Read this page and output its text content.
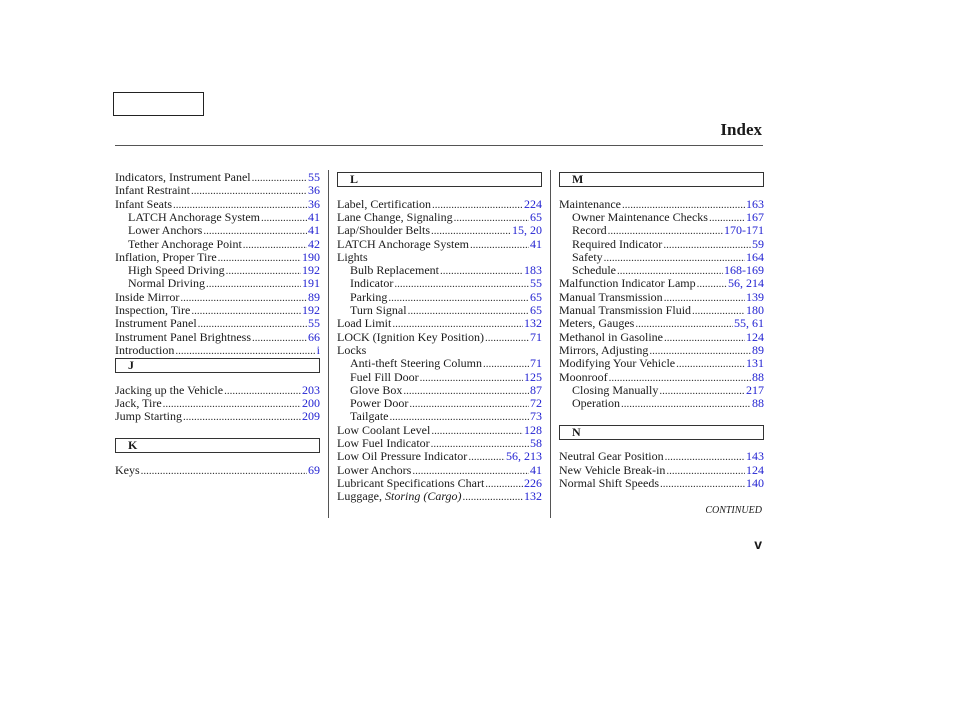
Index
Indicators, Instrument Panel .....	55
Infant Restraint .....	36
Infant Seats .....	36
LATCH Anchorage System .....	41
Lower Anchors .....	41
Tether Anchorage Point .....	42
Inflation, Proper Tire .....	190
High Speed Driving .....	192
Normal Driving .....	191
Inside Mirror .....	89
Inspection, Tire .....	192
Instrument Panel .....	55
Instrument Panel Brightness .....	66
Introduction .....	i
J
Jacking up the Vehicle .....	203
Jack, Tire .....	200
Jump Starting .....	209
K
Keys .....	69
L
Label, Certification .....	224
Lane Change, Signaling .....	65
Lap/Shoulder Belts .....	15, 20
LATCH Anchorage System .....	41
Lights
Bulb Replacement .....	183
Indicator .....	55
Parking .....	65
Turn Signal .....	65
Load Limit .....	132
LOCK (Ignition Key Position) .....	71
Locks
Anti-theft Steering Column .....	71
Fuel Fill Door .....	125
Glove Box .....	87
Power Door .....	72
Tailgate .....	73
Low Coolant Level .....	128
Low Fuel Indicator .....	58
Low Oil Pressure Indicator .....	56, 213
Lower Anchors .....	41
Lubricant Specifications Chart .....	226
Luggage, Storing (Cargo) .....	132
M
Maintenance .....	163
Owner Maintenance Checks .....	167
Record .....	170-171
Required Indicator .....	59
Safety .....	164
Schedule .....	168-169
Malfunction Indicator Lamp .....	56, 214
Manual Transmission .....	139
Manual Transmission Fluid .....	180
Meters, Gauges .....	55, 61
Methanol in Gasoline .....	124
Mirrors, Adjusting .....	89
Modifying Your Vehicle .....	131
Moonroof .....	88
Closing Manually .....	217
Operation .....	88
N
Neutral Gear Position .....	143
New Vehicle Break-in .....	124
Normal Shift Speeds .....	140
CONTINUED
v
